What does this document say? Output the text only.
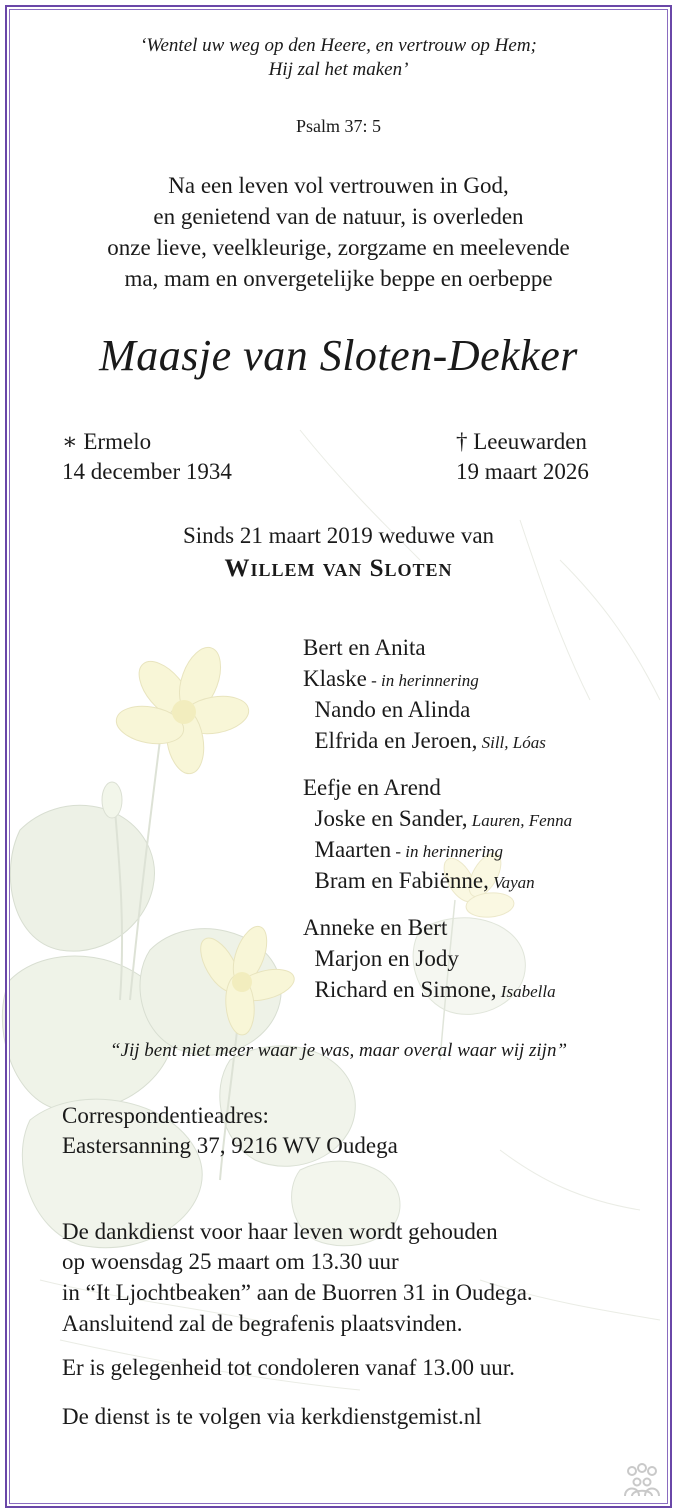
‘Wentel uw weg op den Heere, en vertrouw op Hem;
Hij zal het maken’
Psalm 37: 5
Na een leven vol vertrouwen in God,
en genietend van de natuur, is overleden
onze lieve, veelkleurige, zorgzame en meelevende
ma, mam en onvergetelijke beppe en oerbeppe
Maasje van Sloten-Dekker
∗ Ermelo
14 december 1934
† Leeuwarden
19 maart 2026
Sinds 21 maart 2019 weduwe van
Willem van Sloten
Bert en Anita
Klaske - in herinnering
Nando en Alinda
Elfrida en Jeroen, Sill, Lóas
Eefje en Arend
Joske en Sander, Lauren, Fenna
Maarten - in herinnering
Bram en Fabiënne, Vayan
Anneke en Bert
Marjon en Jody
Richard en Simone, Isabella
“Jij bent niet meer waar je was, maar overal waar wij zijn”
Correspondentieadres:
Eastersanning 37, 9216 WV Oudega
De dankdienst voor haar leven wordt gehouden
op woensdag 25 maart om 13.30 uur
in “It Ljochtbeaken” aan de Buorren 31 in Oudega.
Aansluitend zal de begrafenis plaatsvinden.
Er is gelegenheid tot condoleren vanaf 13.00 uur.
De dienst is te volgen via kerkdienstgemist.nl
